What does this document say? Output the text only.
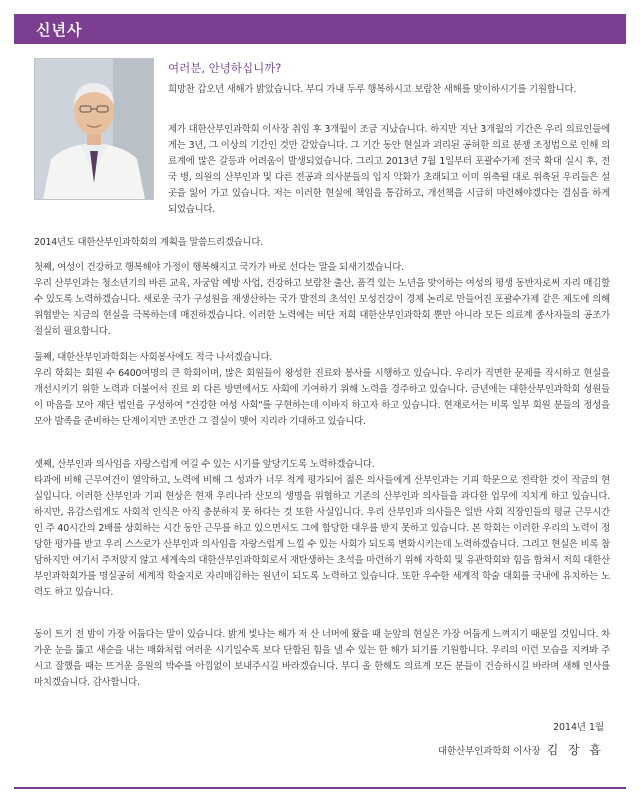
신년사
여러분, 안녕하십니까?

희망찬 갑오년 새해가 밝았습니다. 부디 가내 두루 행복하시고 보람찬 새해를 맞이하시기를 기원합니다.

제가 대한산부인과학회 이사장 취임 후 3개월이 조금 지났습니다. 하지만 지난 3개월의 기간은 우리 의료인들에게는 3년, 그 이상의 기간인 것만 같았습니다. 그 기간 동안 현실과 괴리된 공허한 의료 분쟁 조정법으로 인해 의료계에 많은 갈등과 어려움이 발생되었습니다. 그리고 2013년 7월 1일부터 포괄수가제 전국 확대 실시 후, 전국 병, 의원의 산부인과 및 다른 전공과 의사분들의 입지 악화가 초래되고 이미 위축될 대로 위축된 우리들은 설 곳을 잃어 가고 있습니다. 저는 이러한 현실에 책임을 통감하고, 개선책을 시급히 마련해야겠다는 결심을 하게 되었습니다.

2014년도 대한산부인과학회의 계획을 말씀드리겠습니다.
첫째, 여성이 건강하고 행복해야 가정이 행복해지고 국가가 바로 선다는 말을 되새기겠습니다.

우리 산부인과는 청소년기의 바른 교육, 자궁암 예방 사업, 건강하고 보람찬 출산, 품격 있는 노년을 맞이하는 여성의 평생 동반자로써 자리 매김할 수 있도록 노력하겠습니다. 새로운 국가 구성원을 재생산하는 국가 발전의 초석인 모성건강이 경제 논리로 만들어진 포괄수가제 같은 제도에 의해 위협받는 지금의 현실을 극복하는데 매진하겠습니다. 이러한 노력에는 비단 저희 대한산부인과학회 뿐만 아니라 모든 의료계 종사자들의 공조가 절실히 필요합니다.

둘째, 대한산부인과학회는 사회봉사에도 적극 나서겠습니다.

우리 학회는 회원 수 6400여명의 큰 학회이며, 많은 회원들이 왕성한 진료와 봉사를 시행하고 있습니다. 우리가 직면한 문제를 직시하고 현실을 개선시키기 위한 노력과 더불어서 진료 외 다른 방면에서도 사회에 기여하기 위해 노력을 경주하고 있습니다. 금년에는 대한산부인과학회 성원들이 마음을 모아 재단 법인을 구성하여 "건강한 여성 사회"를 구현하는데 이바지 하고자 하고 있습니다. 현재로서는 비록 일부 회원 분들의 정성을 모아 발족을 준비하는 단계이지만 조만간 그 결실이 맺어 지리라 기대하고 있습니다.

셋째, 산부인과 의사임을 자랑스럽게 여길 수 있는 시기를 앞당기도록 노력하겠습니다.

타과에 비해 근무여건이 열악하고, 노력에 비해 그 성과가 너무 적게 평가되어 젊은 의사들에게 산부인과는 기피 학문으로 전락한 것이 작금의 현실입니다. 이러한 산부인과 기피 현상은 현재 우리나라 산모의 생명을 위협하고 기존의 산부인과 의사들을 과다한 업무에 지치게 하고 있습니다. 하지만, 유감스럽게도 사회적 인식은 아직 충분하지 못 하다는 것 또한 사실입니다. 우리 산부인과 의사들은 일반 사회 직장인들의 평균 근무시간인 주 40시간의 2배를 상회하는 시간 동안 근무를 하고 있으면서도 그에 합당한 대우를 받지 못하고 있습니다. 본 학회는 이러한 우리의 노력이 정당한 평가를 받고 우리 스스로가 산부인과 의사임을 자랑스럽게 느낄 수 있는 사회가 되도록 변화시키는데 노력하겠습니다. 그리고 현실은 비록 참담하지만 여기서 주저앉지 않고 세계속의 대한산부인과학회로서 재탄생하는 초석을 마련하기 위해 자학회 및 유관학회와 힘을 합쳐서 저희 대한산부인과학회가를 명실공히 세계적 학술지로 자리매김하는 원년이 되도록 노력하고 있습니다. 또한 우수한 세계적 학술 대회를 국내에 유치하는 노력도 하고 있습니다.

동이 트기 전 밤이 가장 어둡다는 말이 있습니다. 밝게 빛나는 해가 저 산 너머에 왔을 때 눈앞의 현실은 가장 어둡게 느껴지기 때문일 것입니다. 차가운 눈을 뚫고 새순을 내는 매화처럼 여러운 시기일수록 보다 단합된 힘을 낼 수 있는 한 해가 되기를 기원합니다. 우리의 이런 모습을 지켜봐 주시고 잘했을 때는 뜨거운 응원의 박수를 아낌없이 보내주시길 바라겠습니다. 부디 올 한해도 의료계 모든 분들이 건승하시길 바라며 새해 인사를 마치겠습니다. 감사합니다.

2014년 1월
대한산부인과학회 이사장 김 장 흡
